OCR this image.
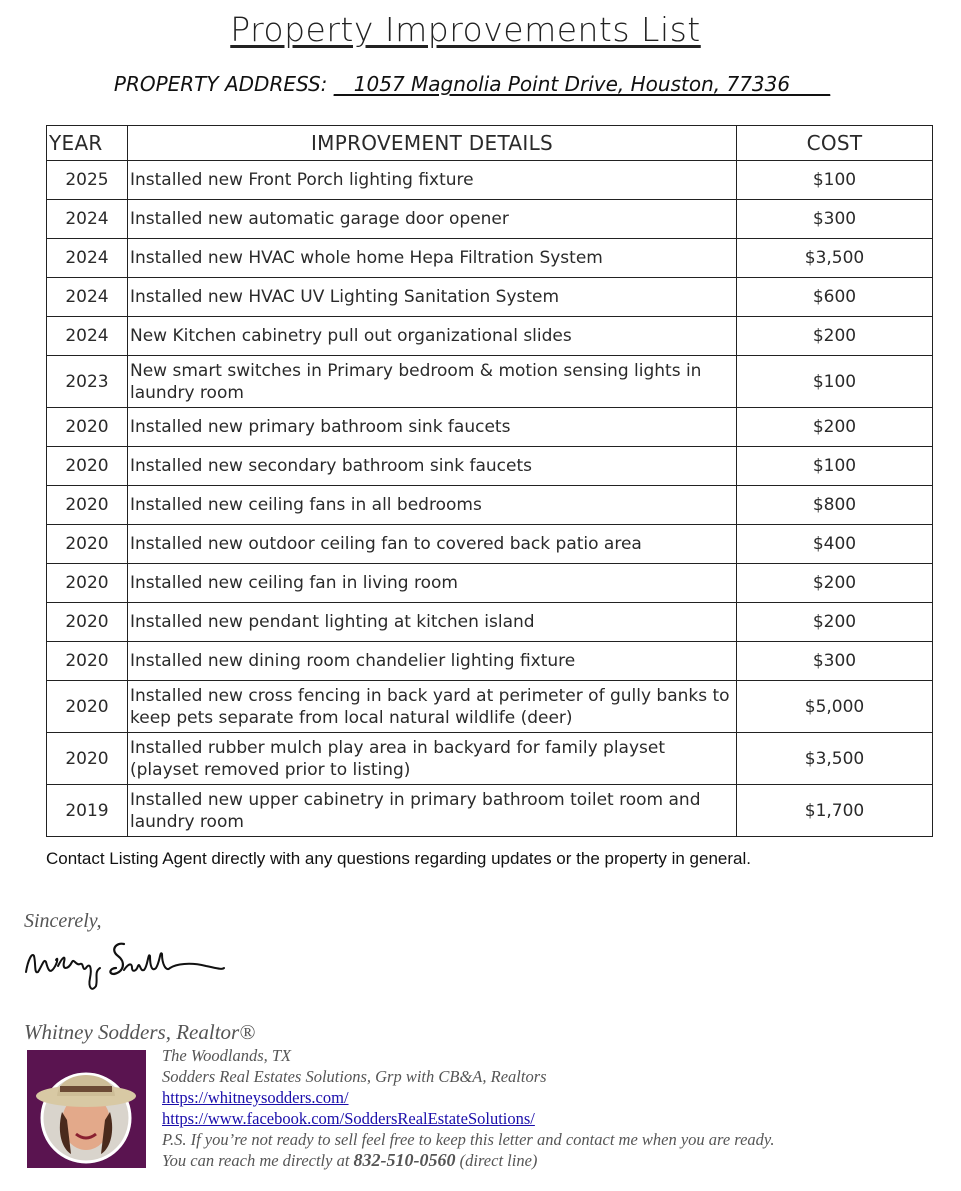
Property Improvements List
PROPERTY ADDRESS: __1057 Magnolia Point Drive, Houston, 77336____
YEAR	IMPROVEMENT DETAILS	COST
2025	Installed new Front Porch lighting fixture	$100
2024	Installed new automatic garage door opener	$300
2024	Installed new HVAC whole home Hepa Filtration System	$3,500
2024	Installed new HVAC UV Lighting Sanitation System	$600
2024	New Kitchen cabinetry pull out organizational slides	$200
2023	New smart switches in Primary bedroom & motion sensing lights in laundry room	$100
2020	Installed new primary bathroom sink faucets	$200
2020	Installed new secondary bathroom sink faucets	$100
2020	Installed new ceiling fans in all bedrooms	$800
2020	Installed new outdoor ceiling fan to covered back patio area	$400
2020	Installed new ceiling fan in living room	$200
2020	Installed new pendant lighting at kitchen island	$200
2020	Installed new dining room chandelier lighting fixture	$300
2020	Installed new cross fencing in back yard at perimeter of gully banks to keep pets separate from local natural wildlife (deer)	$5,000
2020	Installed rubber mulch play area in backyard for family playset (playset removed prior to listing)	$3,500
2019	Installed new upper cabinetry in primary bathroom toilet room and laundry room	$1,700
Contact Listing Agent directly with any questions regarding updates or the property in general.
Sincerely,
Whitney Sodders, Realtor®
The Woodlands, TX
Sodders Real Estates Solutions, Grp with CB&A, Realtors
https://whitneysodders.com/
https://www.facebook.com/SoddersRealEstateSolutions/
P.S. If you’re not ready to sell feel free to keep this letter and contact me when you are ready.
You can reach me directly at 832-510-0560 (direct line)
